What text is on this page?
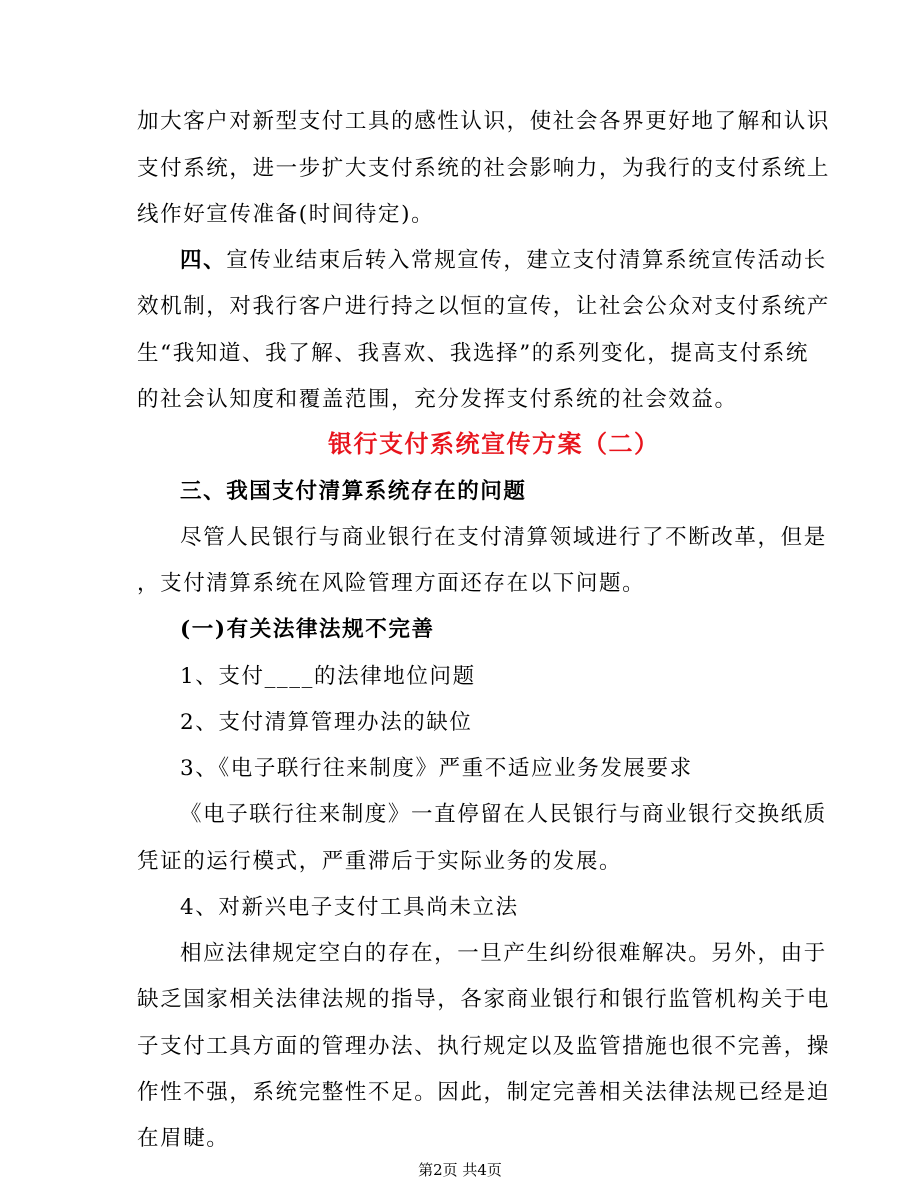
加大客户对新型支付工具的感性认识，使社会各界更好地了解和认识
支付系统，进一步扩大支付系统的社会影响力，为我行的支付系统上
线作好宣传准备(时间待定)。
四、宣传业结束后转入常规宣传，建立支付清算系统宣传活动长
效机制，对我行客户进行持之以恒的宣传，让社会公众对支付系统产
生“我知道、我了解、我喜欢、我选择”的系列变化，提高支付系统
的社会认知度和覆盖范围，充分发挥支付系统的社会效益。
银行支付系统宣传方案（二）
三、我国支付清算系统存在的问题
尽管人民银行与商业银行在支付清算领域进行了不断改革，但是
，支付清算系统在风险管理方面还存在以下问题。
(一)有关法律法规不完善
1、支付____的法律地位问题
2、支付清算管理办法的缺位
3、《电子联行往来制度》严重不适应业务发展要求
《电子联行往来制度》一直停留在人民银行与商业银行交换纸质
凭证的运行模式，严重滞后于实际业务的发展。
4、对新兴电子支付工具尚未立法
相应法律规定空白的存在，一旦产生纠纷很难解决。另外，由于
缺乏国家相关法律法规的指导，各家商业银行和银行监管机构关于电
子支付工具方面的管理办法、执行规定以及监管措施也很不完善，操
作性不强，系统完整性不足。因此，制定完善相关法律法规已经是迫
在眉睫。
第2页 共4页
